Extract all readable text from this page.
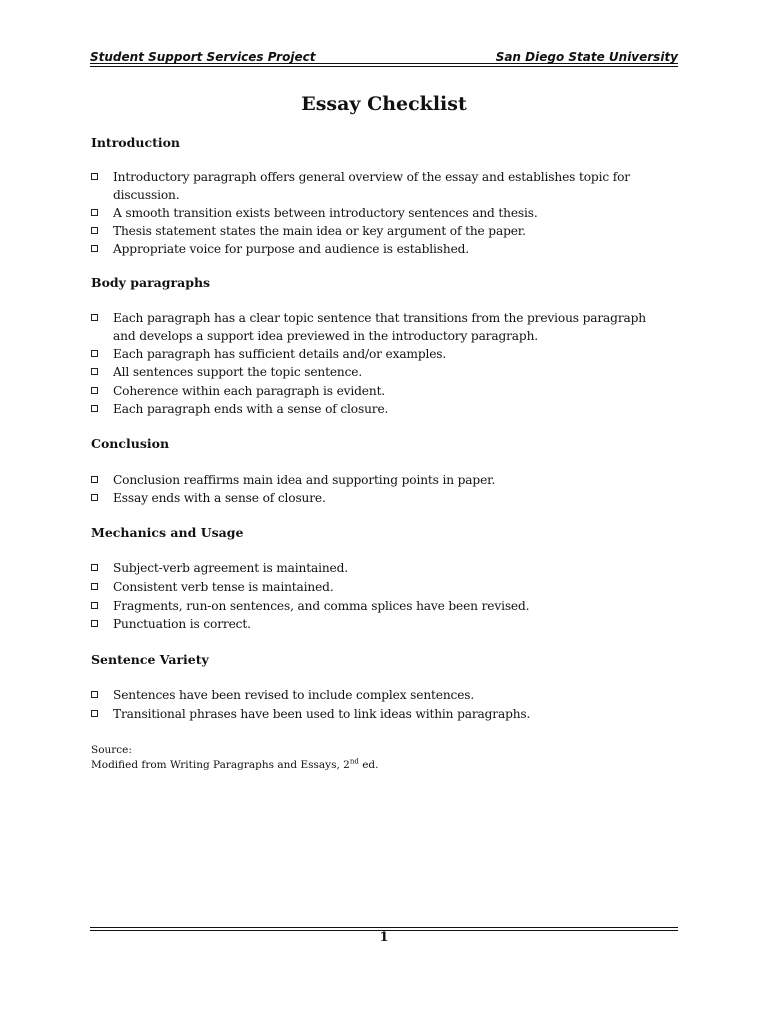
Student Support Services Project	San Diego State University
Essay Checklist
Introduction
Introductory paragraph offers general overview of the essay and establishes topic for discussion.
A smooth transition exists between introductory sentences and thesis.
Thesis statement states the main idea or key argument of the paper.
Appropriate voice for purpose and audience is established.
Body paragraphs
Each paragraph has a clear topic sentence that transitions from the previous paragraph and develops a support idea previewed in the introductory paragraph.
Each paragraph has sufficient details and/or examples.
All sentences support the topic sentence.
Coherence within each paragraph is evident.
Each paragraph ends with a sense of closure.
Conclusion
Conclusion reaffirms main idea and supporting points in paper.
Essay ends with a sense of closure.
Mechanics and Usage
Subject-verb agreement is maintained.
Consistent verb tense is maintained.
Fragments, run-on sentences, and comma splices have been revised.
Punctuation is correct.
Sentence Variety
Sentences have been revised to include complex sentences.
Transitional phrases have been used to link ideas within paragraphs.
Source:
Modified from Writing Paragraphs and Essays, 2nd ed.
1
